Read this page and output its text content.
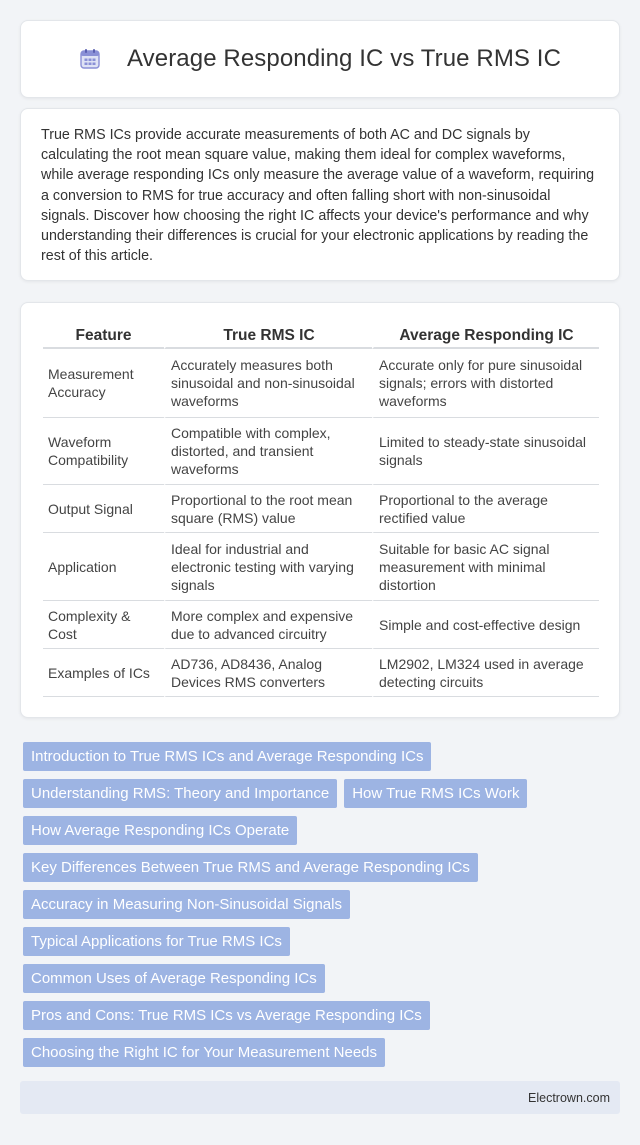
Average Responding IC vs True RMS IC

True RMS ICs provide accurate measurements of both AC and DC signals by calculating the root mean square value, making them ideal for complex waveforms, while average responding ICs only measure the average value of a waveform, requiring a conversion to RMS for true accuracy and often falling short with non-sinusoidal signals. Discover how choosing the right IC affects your device's performance and why understanding their differences is crucial for your electronic applications by reading the rest of this article.

Feature	True RMS IC	Average Responding IC
Measurement Accuracy	Accurately measures both sinusoidal and non-sinusoidal waveforms	Accurate only for pure sinusoidal signals; errors with distorted waveforms
Waveform Compatibility	Compatible with complex, distorted, and transient waveforms	Limited to steady-state sinusoidal signals
Output Signal	Proportional to the root mean square (RMS) value	Proportional to the average rectified value
Application	Ideal for industrial and electronic testing with varying signals	Suitable for basic AC signal measurement with minimal distortion
Complexity & Cost	More complex and expensive due to advanced circuitry	Simple and cost-effective design
Examples of ICs	AD736, AD8436, Analog Devices RMS converters	LM2902, LM324 used in average detecting circuits
Introduction to True RMS ICs and Average Responding ICs
Understanding RMS: Theory and Importance	How True RMS ICs Work
How Average Responding ICs Operate
Key Differences Between True RMS and Average Responding ICs
Accuracy in Measuring Non-Sinusoidal Signals
Typical Applications for True RMS ICs
Common Uses of Average Responding ICs
Pros and Cons: True RMS ICs vs Average Responding ICs
Choosing the Right IC for Your Measurement Needs
Electrown.com
